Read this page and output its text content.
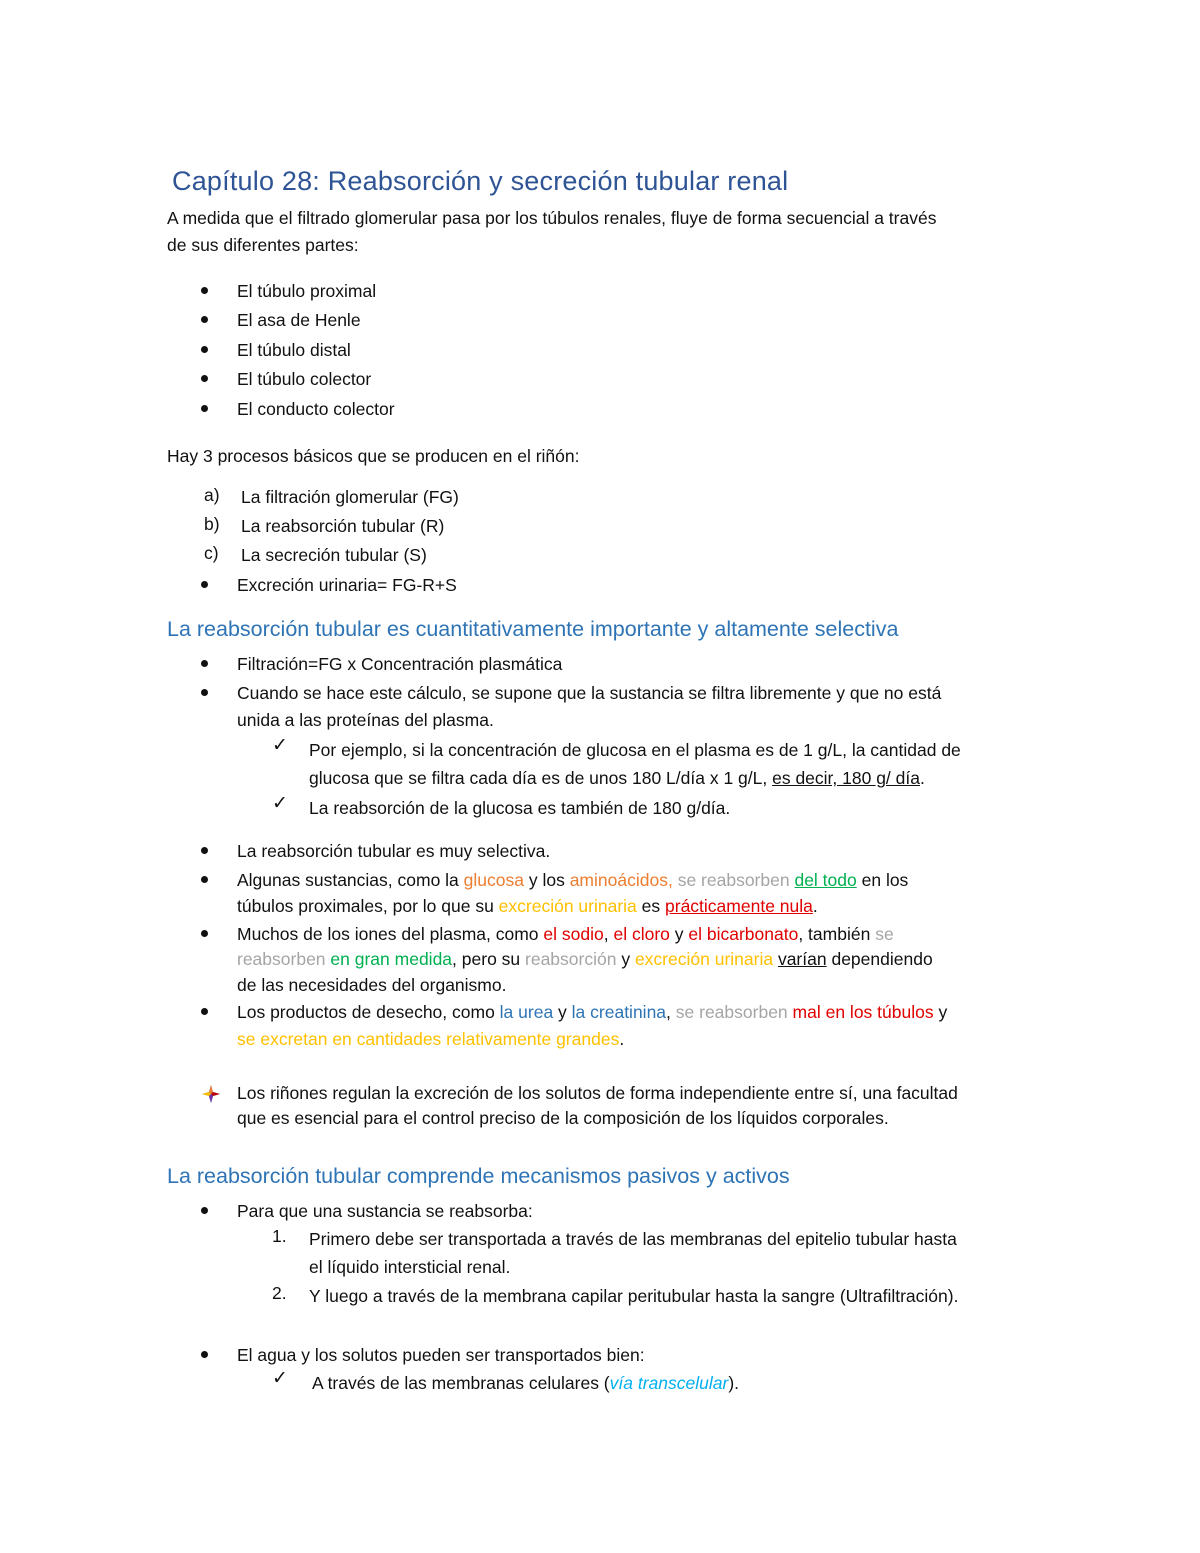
Capítulo 28: Reabsorción y secreción tubular renal
A medida que el filtrado glomerular pasa por los túbulos renales, fluye de forma secuencial a través
de sus diferentes partes:
El túbulo proximal
El asa de Henle
El túbulo distal
El túbulo colector
El conducto colector
Hay 3 procesos básicos que se producen en el riñón:
a) La filtración glomerular (FG)
b) La reabsorción tubular (R)
c) La secreción tubular (S)
Excreción urinaria= FG-R+S
La reabsorción tubular es cuantitativamente importante y altamente selectiva
Filtración=FG x Concentración plasmática
Cuando se hace este cálculo, se supone que la sustancia se filtra libremente y que no está
unida a las proteínas del plasma.
✓ Por ejemplo, si la concentración de glucosa en el plasma es de 1 g/L, la cantidad de
glucosa que se filtra cada día es de unos 180 L/día x 1 g/L, es decir, 180 g/ día.
✓ La reabsorción de la glucosa es también de 180 g/día.
La reabsorción tubular es muy selectiva.
Algunas sustancias, como la glucosa y los aminoácidos, se reabsorben del todo en los
túbulos proximales, por lo que su excreción urinaria es prácticamente nula.
Muchos de los iones del plasma, como el sodio, el cloro y el bicarbonato, también se
reabsorben en gran medida, pero su reabsorción y excreción urinaria varían dependiendo
de las necesidades del organismo.
Los productos de desecho, como la urea y la creatinina, se reabsorben mal en los túbulos y
se excretan en cantidades relativamente grandes.
Los riñones regulan la excreción de los solutos de forma independiente entre sí, una facultad
que es esencial para el control preciso de la composición de los líquidos corporales.
La reabsorción tubular comprende mecanismos pasivos y activos
Para que una sustancia se reabsorba:
1. Primero debe ser transportada a través de las membranas del epitelio tubular hasta
el líquido intersticial renal.
2. Y luego a través de la membrana capilar peritubular hasta la sangre (Ultrafiltración).
El agua y los solutos pueden ser transportados bien:
✓ A través de las membranas celulares (vía transcelular).
